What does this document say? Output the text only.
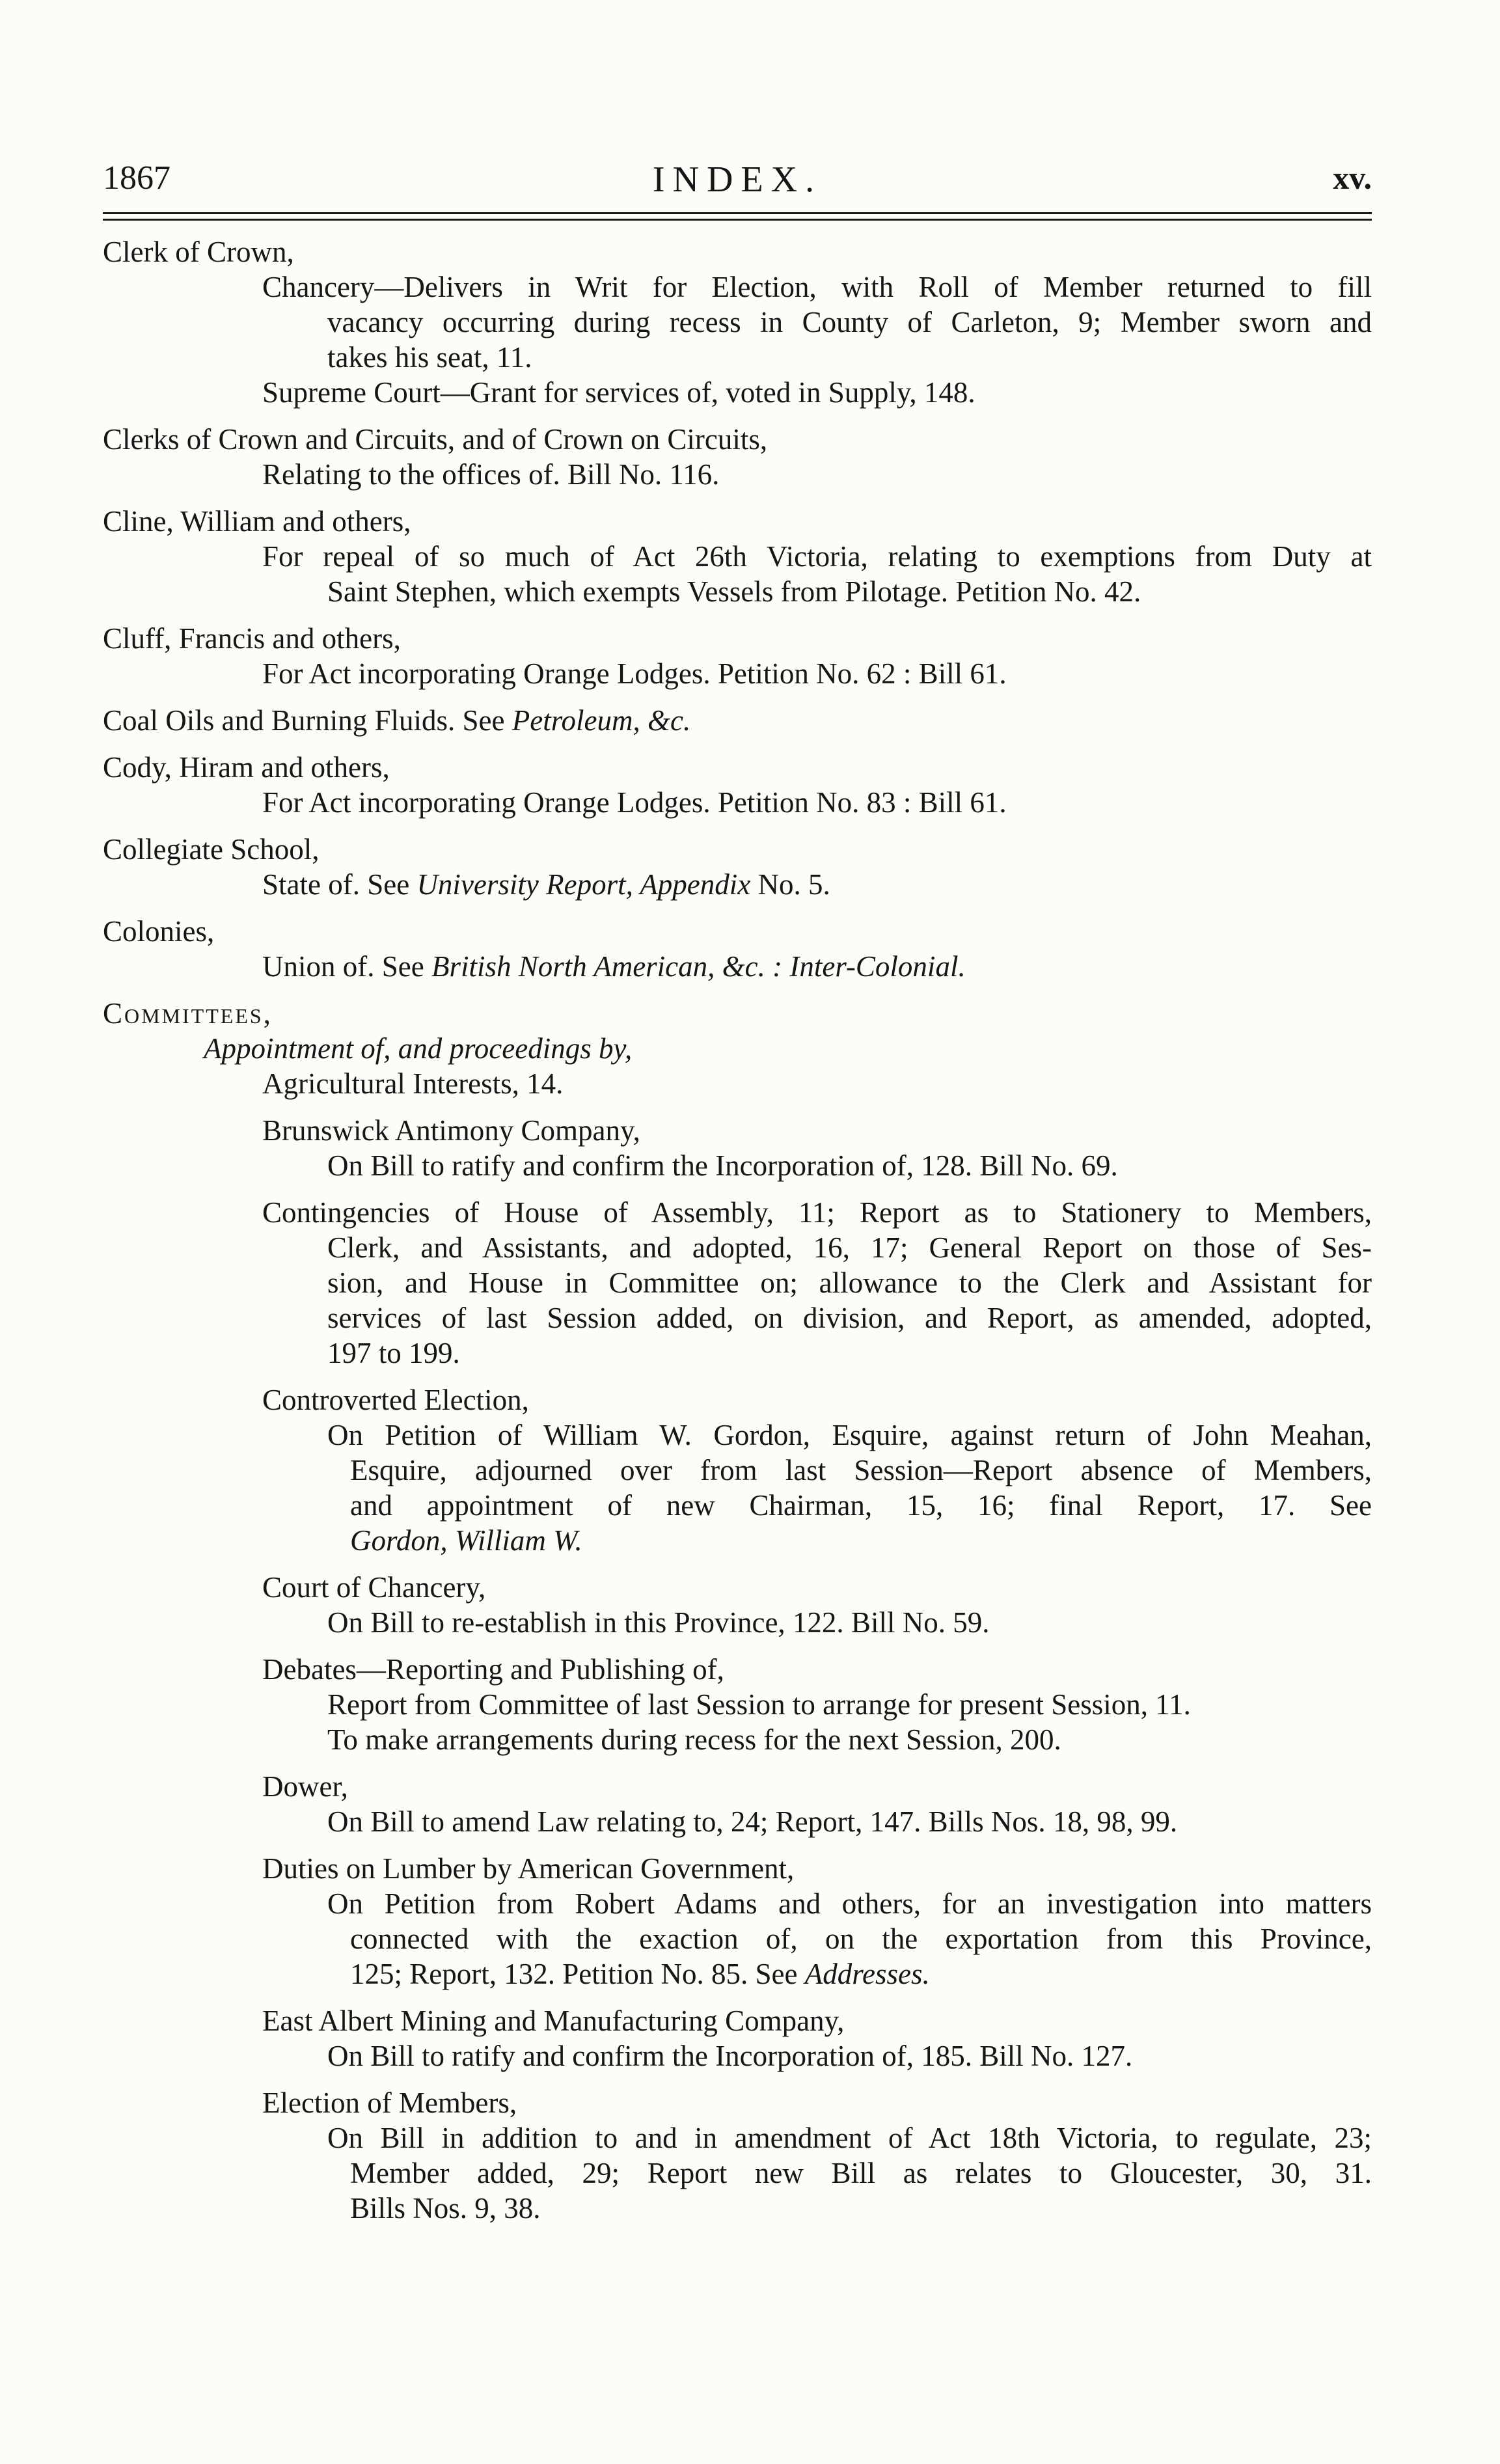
1867	INDEX.	xv.
Clerk of Crown,
Chancery—Delivers in Writ for Election, with Roll of Member returned to fill
vacancy occurring during recess in County of Carleton, 9; Member sworn and
takes his seat, 11.
Supreme Court—Grant for services of, voted in Supply, 148.
Clerks of Crown and Circuits, and of Crown on Circuits,
Relating to the offices of. Bill No. 116.
Cline, William and others,
For repeal of so much of Act 26th Victoria, relating to exemptions from Duty at
Saint Stephen, which exempts Vessels from Pilotage. Petition No. 42.
Cluff, Francis and others,
For Act incorporating Orange Lodges. Petition No. 62 : Bill 61.
Coal Oils and Burning Fluids. See Petroleum, &c.
Cody, Hiram and others,
For Act incorporating Orange Lodges. Petition No. 83 : Bill 61.
Collegiate School,
State of. See University Report, Appendix No. 5.
Colonies,
Union of. See British North American, &c. : Inter-Colonial.
Committees,
Appointment of, and proceedings by,
Agricultural Interests, 14.
Brunswick Antimony Company,
On Bill to ratify and confirm the Incorporation of, 128. Bill No. 69.
Contingencies of House of Assembly, 11; Report as to Stationery to Members,
Clerk, and Assistants, and adopted, 16, 17; General Report on those of Ses-
sion, and House in Committee on; allowance to the Clerk and Assistant for
services of last Session added, on division, and Report, as amended, adopted,
197 to 199.
Controverted Election,
On Petition of William W. Gordon, Esquire, against return of John Meahan,
Esquire, adjourned over from last Session—Report absence of Members,
and appointment of new Chairman, 15, 16; final Report, 17. See
Gordon, William W.
Court of Chancery,
On Bill to re-establish in this Province, 122. Bill No. 59.
Debates—Reporting and Publishing of,
Report from Committee of last Session to arrange for present Session, 11.
To make arrangements during recess for the next Session, 200.
Dower,
On Bill to amend Law relating to, 24; Report, 147. Bills Nos. 18, 98, 99.
Duties on Lumber by American Government,
On Petition from Robert Adams and others, for an investigation into matters
connected with the exaction of, on the exportation from this Province,
125; Report, 132. Petition No. 85. See Addresses.
East Albert Mining and Manufacturing Company,
On Bill to ratify and confirm the Incorporation of, 185. Bill No. 127.
Election of Members,
On Bill in addition to and in amendment of Act 18th Victoria, to regulate, 23;
Member added, 29; Report new Bill as relates to Gloucester, 30, 31.
Bills Nos. 9, 38.
